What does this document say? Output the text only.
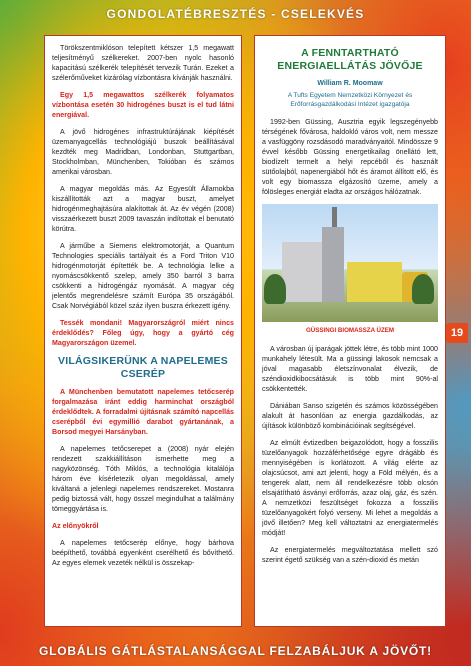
GONDOLATÉBRESZTÉS - CSELEKVÉS

Törökszentmiklóson telepített kétszer 1,5 megawatt teljesítményű szélkereket. 2007-ben nyolc hasonló kapacitású szélkerék telepítését tervezik Turán. Ezeket a szélerőműveket kizárólag vízbontásra kívánják használni.

Egy 1,5 megawattos szélkerék folyamatos vízbontása esetén 30 hidrogénes buszt is el tud látni energiával.

A jövő hidrogénes infrastruktúrájának kiépítését üzemanyagcellás technológiájú buszok beállításával kezdték meg Madridban, Londonban, Stuttgartban, Stockholmban, Münchenben, Tokióban és számos amerikai városban.

A magyar megoldás más. Az Egyesült Államokba kiszállították azt a magyar buszt, amelyet hidrogénmeghajtásúra alakítottak át. Az év végén (2008) visszaérkezett buszt 2009 tavaszán indítottak el benutató körútra.

A járműbe a Siemens elektromotorját, a Quantum Technologies speciális tartályait és a Ford Triton V10 hidrogénmotorját építették be. A technológia lelke a nyomáscsökkentő szelep, amely 350 barról 3 barra csökkenti a hidrogéngáz nyomását. A magyar cég jelentős megrendelésre számít Európa 35 országából. Csak Norvégiából közel száz ilyen buszra érkezett igény.

Tessék mondani! Magyarországról miért nincs érdeklődés? Főleg úgy, hogy a gyártó cég Magyarországon üzemel.

VILÁGSIKERÜNK A NAPELEMES CSERÉP

A Münchenben bemutatott napelemes tetőcserép forgalmazása iránt eddig harminchat országból érdeklődtek. A forradalmi újításnak számító napcellás cserépből évi egymillió darabot gyártanának, a Borsod megyei Harsányban.

A napelemes tetőcserepet a (2008) nyár elején rendezett szakkiállításon ismerhette meg a nagyközönség. Tóth Miklós, a technológia kitalálója három éve kísérletezik olyan megoldással, amely kiváltaná a jelenlegi napelemes rendszereket. Mostanra pedig biztossá vált, hogy összel megindulhat a találmány tömeggyártása is.

Az előnyökről

A napelemes tetőcserép előnye, hogy bárhova beépíthető, továbbá egyenként cserélhető és bővíthető. Az egyes elemek vezeték nélkül is összekap-

A FENNTARTHATÓ ENERGIAELLÁTÁS JÖVŐJE
William R. Moomaw
A Tufts Egyetem Nemzetközi Környezet és Erőforrásgazdálkodási Intézet igazgatója

1992-ben Güssing, Ausztria egyik legszegényebb térségének fővárosa, haldokló város volt, nem messze a vasfüggöny rozsdásodó maradványaitól. Mindössze 9 évvel később Güssing energetikailag önellátó lett, biodízelt termelt a helyi repcéből és használt sütőolajból, napenergiából hőt és áramot állított elő, és volt egy biomassza elgázosító üzeme, amely a fölösleges energiát eladta az országos hálózatnak.

GÜSSINGI BIOMASSZA ÜZEM

A városban új iparágak jöttek létre, és több mint 1000 munkahely létesült. Ma a güssingi lakosok nemcsak a jóval magasabb életszínvonalat élvezik, de széndioxidkibocsátásuk is több mint 90%-al csökkentették.

Dániában Sanso szigetén és számos közösségében alakult át hasonlóan az energia gazdálkodás, az újítások különböző kombinációinak segítségével.

Az elmúlt évtizedben beigazolódott, hogy a fosszilis tüzelőanyagok hozzáférhetősége egyre drágább és mennyiségében is korlátozott. A világ elérte az olajcsúcsot, ami azt jelenti, hogy a Föld mélyén, és a tengerek alatt, nem áll rendelkezésre több olcsón elsajátítható ásványi erőforrás, azaz olaj, gáz, és szén. A nemzetközi feszültséget fokozza a fosszilis tüzelőanyagokért folyó verseny. Mi lehet a megoldás a jövő illetően? Meg kell változtatni az energiatermelés módját!

Az energiatermelés megváltoztatása mellett szó szerint égető szükség van a szén-dioxid és metán

19
GLOBÁLIS GÁTLÁSTALANSÁGGAL FELZABÁLJUK A JÖVŐT!
